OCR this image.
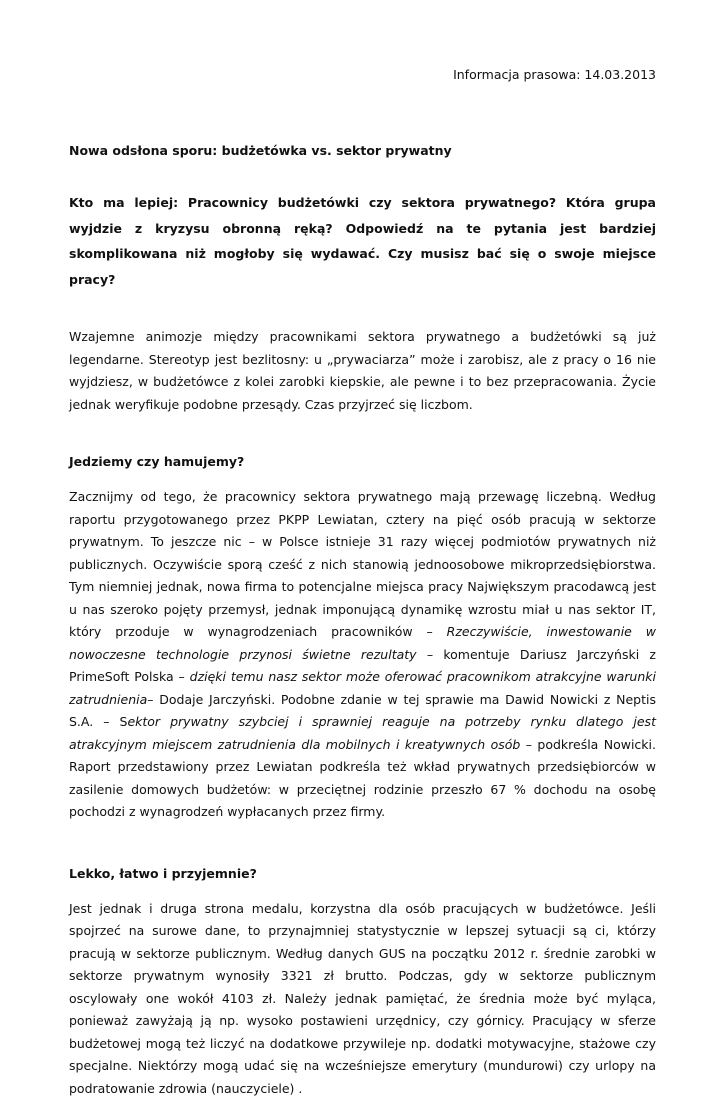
Informacja prasowa: 14.03.2013
Nowa odsłona sporu: budżetówka vs. sektor prywatny
Kto ma lepiej: Pracownicy budżetówki czy sektora prywatnego? Która grupa wyjdzie z kryzysu obronną ręką? Odpowiedź na te pytania jest bardziej skomplikowana niż mogłoby się wydawać. Czy musisz bać się o swoje miejsce pracy?

Wzajemne animozje między pracownikami sektora prywatnego a budżetówki są już legendarne. Stereotyp jest bezlitosny: u „prywaciarza” może i zarobisz, ale z pracy o 16 nie wyjdziesz, w budżetówce z kolei zarobki kiepskie, ale pewne i to bez przepracowania. Życie jednak weryfikuje podobne przesądy. Czas przyjrzeć się liczbom.

Jedziemy czy hamujemy?

Zacznijmy od tego, że pracownicy sektora prywatnego mają przewagę liczebną. Według raportu przygotowanego przez PKPP Lewiatan, cztery na pięć osób pracują w sektorze prywatnym. To jeszcze nic – w Polsce istnieje 31 razy więcej podmiotów prywatnych niż publicznych. Oczywiście sporą cześć z nich stanowią jednoosobowe mikroprzedsiębiorstwa. Tym niemniej jednak, nowa firma to potencjalne miejsca pracy Największym pracodawcą jest u nas szeroko pojęty przemysł, jednak imponującą dynamikę wzrostu miał u nas sektor IT, który przoduje w wynagrodzeniach pracowników – Rzeczywiście, inwestowanie w nowoczesne technologie przynosi świetne rezultaty – komentuje Dariusz Jarczyński z PrimeSoft Polska – dzięki temu nasz sektor może oferować pracownikom atrakcyjne warunki zatrudnienia– Dodaje Jarczyński. Podobne zdanie w tej sprawie ma Dawid Nowicki z Neptis S.A. – Sektor prywatny szybciej i sprawniej reaguje na potrzeby rynku dlatego jest atrakcyjnym miejscem zatrudnienia dla mobilnych i kreatywnych osób – podkreśla Nowicki. Raport przedstawiony przez Lewiatan podkreśla też wkład prywatnych przedsiębiorców w zasilenie domowych budżetów: w przeciętnej rodzinie przeszło 67 % dochodu na osobę pochodzi z wynagrodzeń wypłacanych przez firmy.

Lekko, łatwo i przyjemnie?

Jest jednak i druga strona medalu, korzystna dla osób pracujących w budżetówce. Jeśli spojrzeć na surowe dane, to przynajmniej statystycznie w lepszej sytuacji są ci, którzy pracują w sektorze publicznym. Według danych GUS na początku 2012 r. średnie zarobki w sektorze prywatnym wynosiły 3321 zł brutto. Podczas, gdy w sektorze publicznym oscylowały one wokół 4103 zł. Należy jednak pamiętać, że średnia może być myląca, ponieważ zawyżają ją np. wysoko postawieni urzędnicy, czy górnicy. Pracujący w sferze budżetowej mogą też liczyć na dodatkowe przywileje np. dodatki motywacyjne, stażowe czy specjalne. Niektórzy mogą udać się na wcześniejsze emerytury (mundurowi) czy urlopy na podratowanie zdrowia (nauczyciele) .
